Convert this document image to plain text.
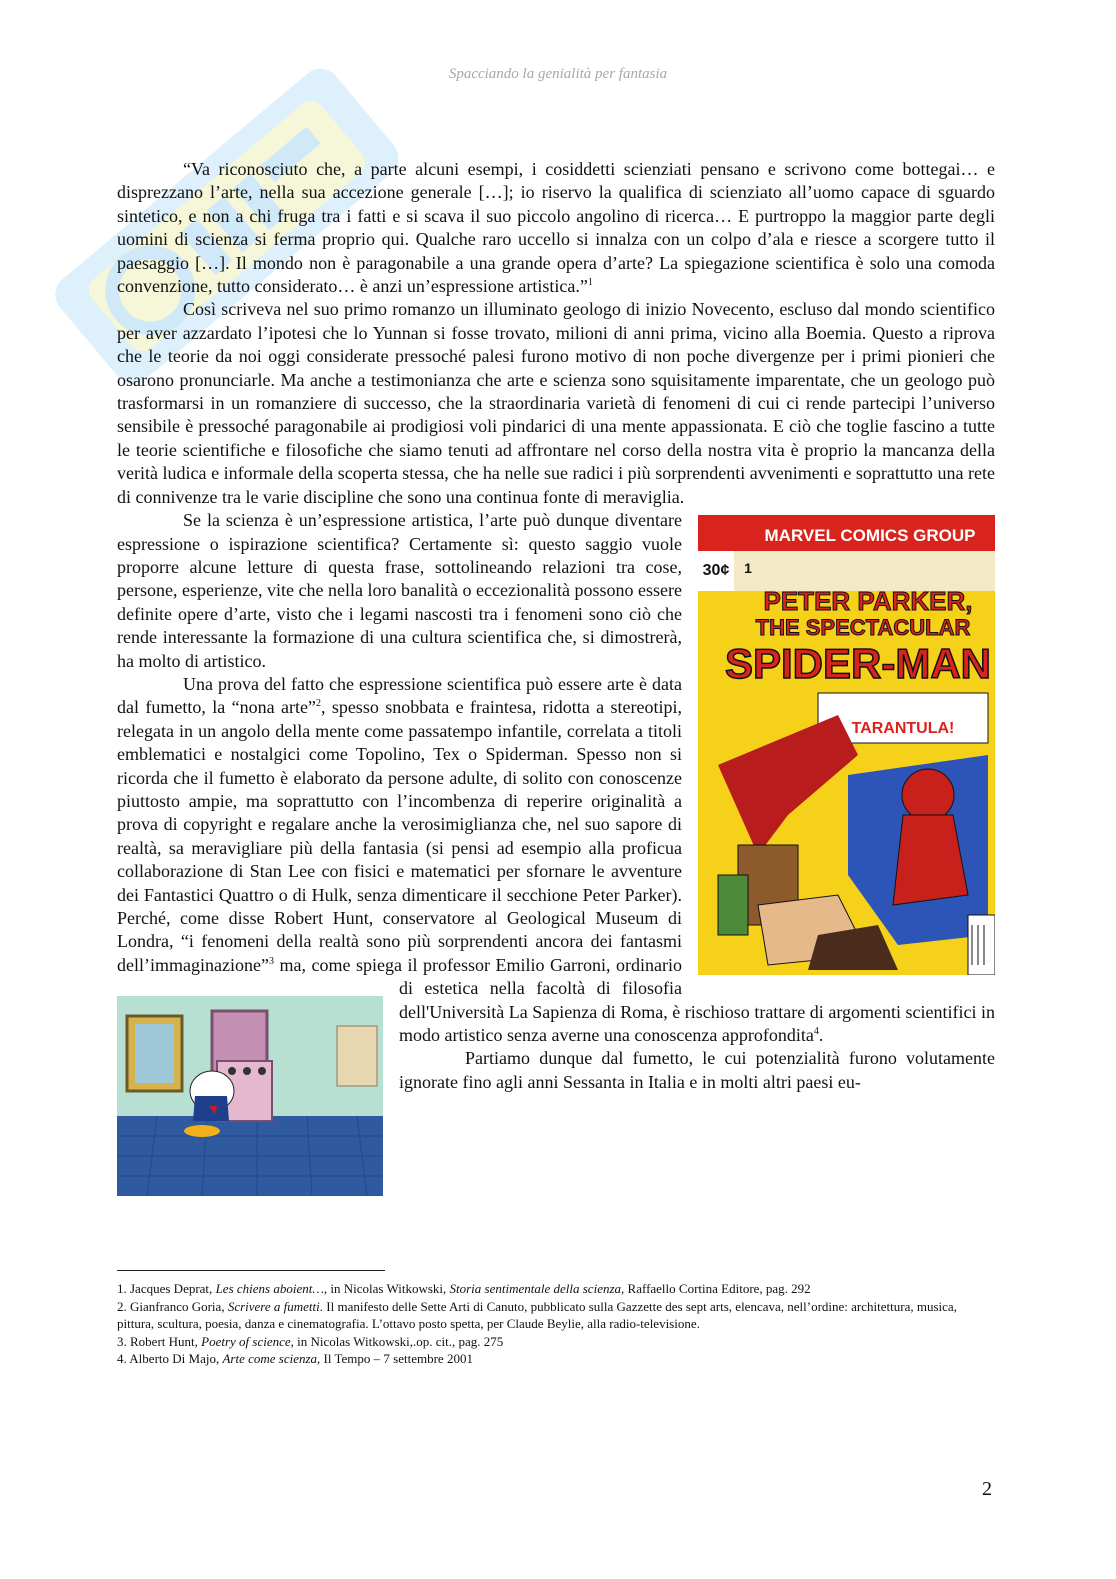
Spacciando la genialità per fantasia

“Va riconosciuto che, a parte alcuni esempi, i cosiddetti scienziati pensano e scrivono come bottegai… e disprezzano l’arte, nella sua accezione generale […]; io riservo la qualifica di scienziato all’uomo capace di sguardo sintetico, e non a chi fruga tra i fatti e si scava il suo piccolo angolino di ricerca… E purtroppo la maggior parte degli uomini di scienza si ferma proprio qui. Qualche raro uccello si innalza con un colpo d’ala e riesce a scorgere tutto il paesaggio […]. Il mondo non è paragonabile a una grande opera d’arte? La spiegazione scientifica è solo una comoda convenzione, tutto considerato… è anzi un’espressione artistica.”$^1$

Così scriveva nel suo primo romanzo un illuminato geologo di inizio Novecento, escluso dal mondo scientifico per aver azzardato l’ipotesi che lo Yunnan si fosse trovato, milioni di anni prima, vicino alla Boemia. Questo a riprova che le teorie da noi oggi considerate pressoché palesi furono motivo di non poche divergenze per i primi pionieri che osarono pronunciarle. Ma anche a testimonianza che arte e scienza sono squisitamente imparentate, che un geologo può trasformarsi in un romanziere di successo, che la straordinaria varietà di fenomeni di cui ci rende partecipi l’universo sensibile è pressoché paragonabile ai prodigiosi voli pindarici di una mente appassionata. E ciò che toglie fascino a tutte le teorie scientifiche e filosofiche che siamo tenuti ad affrontare nel corso della nostra vita è proprio la mancanza della verità ludica e informale della scoperta stessa, che ha nelle sue radici i più sorprendenti avvenimenti e soprattutto una rete di connivenze tra le varie discipline che sono una continua fonte di meraviglia.

MARVEL COMICS GROUP
30¢ 1
PETER PARKER,
THE SPECTACULAR
SPIDER-MAN
TARANTULA!

Se la scienza è un’espressione artistica, l’arte può dunque diventare espressione o ispirazione scientifica? Certamente sì: questo saggio vuole proporre alcune letture di questa frase, sottolineando relazioni tra cose, persone, esperienze, vite che nella loro banalità o eccezionalità possono essere definite opere d’arte, visto che i legami nascosti tra i fenomeni sono ciò che rende interessante la formazione di una cultura scientifica che, si dimostrerà, ha molto di artistico.

Una prova del fatto che espressione scientifica può essere arte è data dal fumetto, la “nona arte”$^2$, spesso snobbata e fraintesa, ridotta a stereotipi, relegata in un angolo della mente come passatempo infantile, correlata a titoli emblematici e nostalgici come Topolino, Tex o Spiderman. Spesso non si ricorda che il fumetto è elaborato da persone adulte, di solito con conoscenze piuttosto ampie, ma soprattutto con l’incombenza di reperire originalità a prova di copyright e regalare anche la verosimiglianza che, nel suo sapore di realtà, sa meravigliare più della fantasia (si pensi ad esempio alla proficua collaborazione di Stan Lee con fisici e matematici per sfornare le avventure dei Fantastici Quattro o di Hulk, senza dimenticare il secchione Peter Parker). Perché, come disse Robert Hunt, conservatore al Geological Museum di Londra, “i fenomeni della realtà sono più sorprendenti ancora dei fantasmi dell’immaginazione”$^3$ ma, come spiega il professor Emilio Garroni, ordinario di estetica nella facoltà di filosofia dell'Università La Sapienza di Roma, è rischioso trattare di argomenti scientifici in modo artistico senza averne una conoscenza approfondita$^4$.

Partiamo dunque dal fumetto, le cui potenzialità furono volutamente ignorate fino agli anni Sessanta in Italia e in molti altri paesi eu-

1. Jacques Deprat, Les chiens aboient…, in Nicolas Witkowski, Storia sentimentale della scienza, Raffaello Cortina Editore, pag. 292
2. Gianfranco Goria, Scrivere a fumetti. Il manifesto delle Sette Arti di Canuto, pubblicato sulla Gazzette des sept arts, elencava, nell’ordine: architettura, musica, pittura, scultura, poesia, danza e cinematografia. L’ottavo posto spetta, per Claude Beylie, alla radio-televisione.
3. Robert Hunt, Poetry of science, in Nicolas Witkowski,.op. cit., pag. 275
4. Alberto Di Majo, Arte come scienza, Il Tempo – 7 settembre 2001
2
